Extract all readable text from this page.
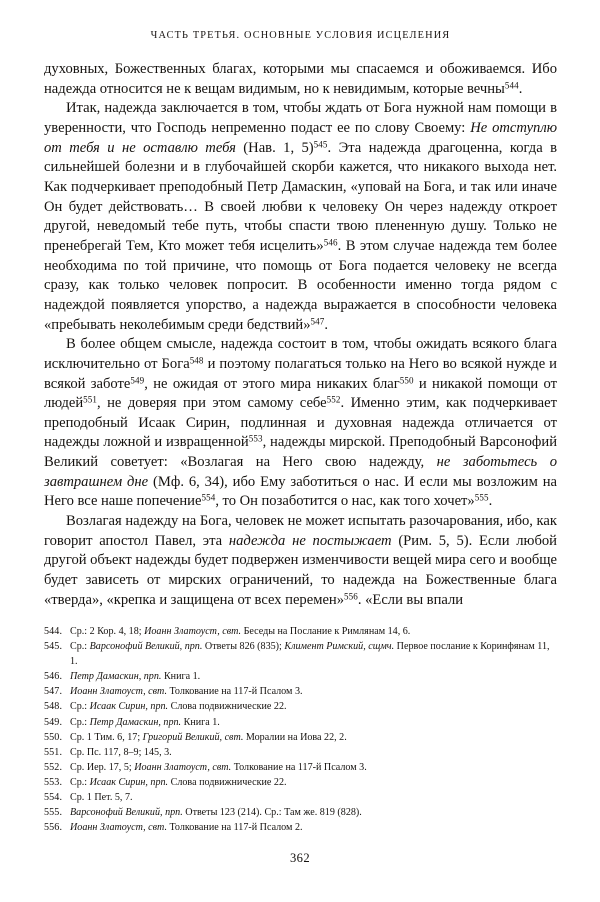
ЧАСТЬ ТРЕТЬЯ. ОСНОВНЫЕ УСЛОВИЯ ИСЦЕЛЕНИЯ

духовных, Божественных благах, которыми мы спасаемся и обоживаемся. Ибо надежда относится не к вещам видимым, но к невидимым, которые вечны$^{544}$.

Итак, надежда заключается в том, чтобы ждать от Бога нужной нам помощи в уверенности, что Господь непременно подаст ее по слову Своему: Не отступлю от тебя и не оставлю тебя (Нав. 1, 5)$^{545}$. Эта надежда драгоценна, когда в сильнейшей болезни и в глубочайшей скорби кажется, что никакого выхода нет. Как подчеркивает преподобный Петр Дамаскин, «уповай на Бога, и так или иначе Он будет действовать… В своей любви к человеку Он через надежду откроет другой, неведомый тебе путь, чтобы спасти твою плененную душу. Только не пренебрегай Тем, Кто может тебя исцелить»$^{546}$. В этом случае надежда тем более необходима по той причине, что помощь от Бога подается человеку не всегда сразу, как только человек попросит. В особенности именно тогда рядом с надеждой появляется упорство, а надежда выражается в способности человека «пребывать неколебимым среди бедствий»$^{547}$.

В более общем смысле, надежда состоит в том, чтобы ожидать всякого блага исключительно от Бога$^{548}$ и поэтому полагаться только на Него во всякой нужде и всякой заботе$^{549}$, не ожидая от этого мира никаких благ$^{550}$ и никакой помощи от людей$^{551}$, не доверяя при этом самому себе$^{552}$. Именно этим, как подчеркивает преподобный Исаак Сирин, подлинная и духовная надежда отличается от надежды ложной и извращенной$^{553}$, надежды мирской. Преподобный Варсонофий Великий советует: «Возлагая на Него свою надежду, не заботьтесь о завтрашнем дне (Мф. 6, 34), ибо Ему заботиться о нас. И если мы возложим на Него все наше попечение$^{554}$, то Он позаботится о нас, как того хочет»$^{555}$.

Возлагая надежду на Бога, человек не может испытать разочарования, ибо, как говорит апостол Павел, эта надежда не постыжает (Рим. 5, 5). Если любой другой объект надежды будет подвержен изменчивости вещей мира сего и вообще будет зависеть от мирских ограничений, то надежда на Божественные блага «тверда», «крепка и защищена от всех перемен»$^{556}$. «Если вы впали

544. Ср.: 2 Кор. 4, 18; Иоанн Златоуст, свт. Беседы на Послание к Римлянам 14, 6.
545. Ср.: Варсонофий Великий, прп. Ответы 826 (835); Климент Римский, сщмч. Первое послание к Коринфянам 11, 1.
546. Петр Дамаскин, прп. Книга 1.
547. Иоанн Златоуст, свт. Толкование на 117-й Псалом 3.
548. Ср.: Исаак Сирин, прп. Слова подвижнические 22.
549. Ср.: Петр Дамаскин, прп. Книга 1.
550. Ср. 1 Тим. 6, 17; Григорий Великий, свт. Моралии на Иова 22, 2.
551. Ср. Пс. 117, 8–9; 145, 3.
552. Ср. Иер. 17, 5; Иоанн Златоуст, свт. Толкование на 117-й Псалом 3.
553. Ср.: Исаак Сирин, прп. Слова подвижнические 22.
554. Ср. 1 Пет. 5, 7.
555. Варсонофий Великий, прп. Ответы 123 (214). Ср.: Там же. 819 (828).
556. Иоанн Златоуст, свт. Толкование на 117-й Псалом 2.
362
